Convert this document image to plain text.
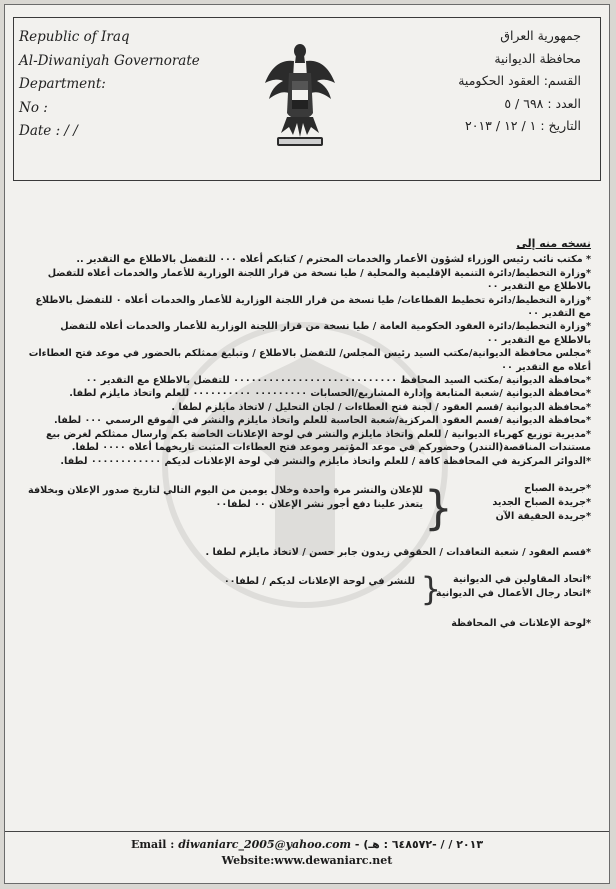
Republic of Iraq
Al-Diwaniyah Governorate
Department:
No :
Date : / /
جمهورية العراق
محافظة الديوانية
القسم: العقود الحكومية
العدد : ٦٩٨ / ٥
التاريخ : ١ / ١٢ / ٢٠١٣
نسخه منه إلى

* مكتب نائب رئيس الوزراء لشؤون الأعمار والخدمات المحترم / كتابكم أعلاه ٠٠٠ للتفضل بالاطلاع مع التقدير ..

*وزارة التخطيط/دائرة التنمية الإقليمية والمحلية / طيا نسخة من قرار اللجنة الوزارية للأعمار والخدمات أعلاه للتفضل بالاطلاع مع التقدير ٠٠

*وزارة التخطيط/دائرة تخطيط القطاعات/ طيا نسخة من قرار اللجنة الوزارية للأعمار والخدمات أعلاه ٠ للتفضل بالاطلاع مع التقدير ٠٠

*وزارة التخطيط/دائرة العقود الحكومية العامة / طيا نسخة من قرار اللجنة الوزارية للأعمار والخدمات أعلاه للتفضل بالاطلاع مع التقدير ٠٠

*مجلس محافظة الديوانية/مكتب السيد رئيس المجلس/ للتفضل بالاطلاع / وتبليغ ممثلكم بالحضور في موعد فتح العطاءات أعلاه مع التقدير ٠٠

*محافظة الديوانية /مكتب السيد المحافظ ٠٠٠٠٠٠٠٠٠٠٠٠٠٠٠٠٠٠٠٠٠٠٠٠٠٠٠٠ للتفضل بالاطلاع مع التقدير ٠٠

*محافظة الديوانية /شعبة المتابعة وإدارة المشاريع/الحسابات ٠٠٠٠٠٠٠٠٠ ٠٠٠٠٠٠٠٠٠٠ للعلم واتخاذ مايلزم لطفا.

*محافظة الديوانية /قسم العقود / لجنة فتح العطاءات / لجان التحليل / لاتخاذ مايلزم لطفا .

*محافظة الديوانية /قسم العقود المركزية/شعبة الحاسبة للعلم واتخاذ مايلزم والنشر في الموقع الرسمي ٠٠٠ لطفا.

*مديرية توزيع كهرباء الديوانية / للعلم واتخاذ مايلزم والنشر في لوحة الإعلانات الخاصة بكم وارسال ممثلكم لغرض بيع مستندات المناقصة(التندر) وحضوركم في موعد المؤتمر وموعد فتح العطاءات المثبت تاريخهما أعلاه ٠٠٠٠ لطفا.

*الدوائر المركزية في المحافظة كافة / للعلم واتخاذ مايلزم والنشر في لوحة الإعلانات لديكم ٠٠٠٠٠٠٠٠٠٠٠٠ لطفا.

*جريدة الصباح
*جريدة الصباح الجديد
*جريدة الحقيقة الآن
{
للإعلان والنشر مرة واحدة وخلال يومين من اليوم التالي لتاريخ صدور الإعلان وبخلافة
يتعذر علينا دفع أجور نشر الإعلان ٠٠ لطفا٠٠

*قسم العقود / شعبة التعاقدات / الحقوقي زيدون جابر حسن / لاتخاذ مايلزم لطفا .

*اتحاد المقاولين في الديوانية
*اتحاد رجال الأعمال في الديوانية
{
للنشر في لوحة الإعلانات لديكم / لطفا٠٠

*لوحة الإعلانات في المحافظة

Email : diwaniarc_2005@yahoo.com - (٢٠١٣ / / -٦٤٨٥٧٢ : هـ
Website:www.dewaniarc.net
